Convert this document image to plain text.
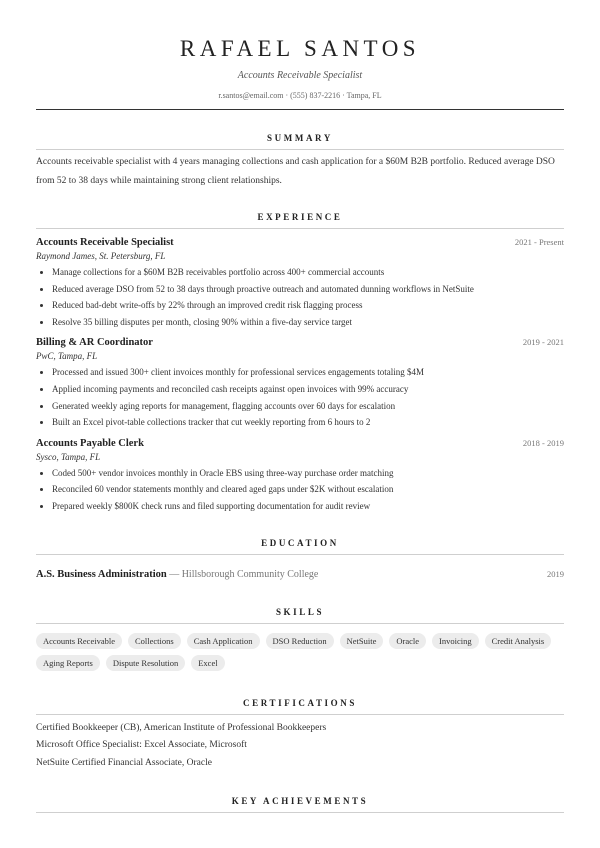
RAFAEL SANTOS
Accounts Receivable Specialist
r.santos@email.com · (555) 837-2216 · Tampa, FL
SUMMARY
Accounts receivable specialist with 4 years managing collections and cash application for a $60M B2B portfolio. Reduced average DSO from 52 to 38 days while maintaining strong client relationships.
EXPERIENCE
Accounts Receivable Specialist	2021 - Present
Raymond James, St. Petersburg, FL
• Manage collections for a $60M B2B receivables portfolio across 400+ commercial accounts
• Reduced average DSO from 52 to 38 days through proactive outreach and automated dunning workflows in NetSuite
• Reduced bad-debt write-offs by 22% through an improved credit risk flagging process
• Resolve 35 billing disputes per month, closing 90% within a five-day service target
Billing & AR Coordinator	2019 - 2021
PwC, Tampa, FL
• Processed and issued 300+ client invoices monthly for professional services engagements totaling $4M
• Applied incoming payments and reconciled cash receipts against open invoices with 99% accuracy
• Generated weekly aging reports for management, flagging accounts over 60 days for escalation
• Built an Excel pivot-table collections tracker that cut weekly reporting from 6 hours to 2
Accounts Payable Clerk	2018 - 2019
Sysco, Tampa, FL
• Coded 500+ vendor invoices monthly in Oracle EBS using three-way purchase order matching
• Reconciled 60 vendor statements monthly and cleared aged gaps under $2K without escalation
• Prepared weekly $800K check runs and filed supporting documentation for audit review
EDUCATION
A.S. Business Administration — Hillsborough Community College	2019
SKILLS
Accounts Receivable	Collections	Cash Application	DSO Reduction	NetSuite	Oracle	Invoicing	Credit Analysis
Aging Reports	Dispute Resolution	Excel
CERTIFICATIONS
Certified Bookkeeper (CB), American Institute of Professional Bookkeepers
Microsoft Office Specialist: Excel Associate, Microsoft
NetSuite Certified Financial Associate, Oracle
KEY ACHIEVEMENTS
